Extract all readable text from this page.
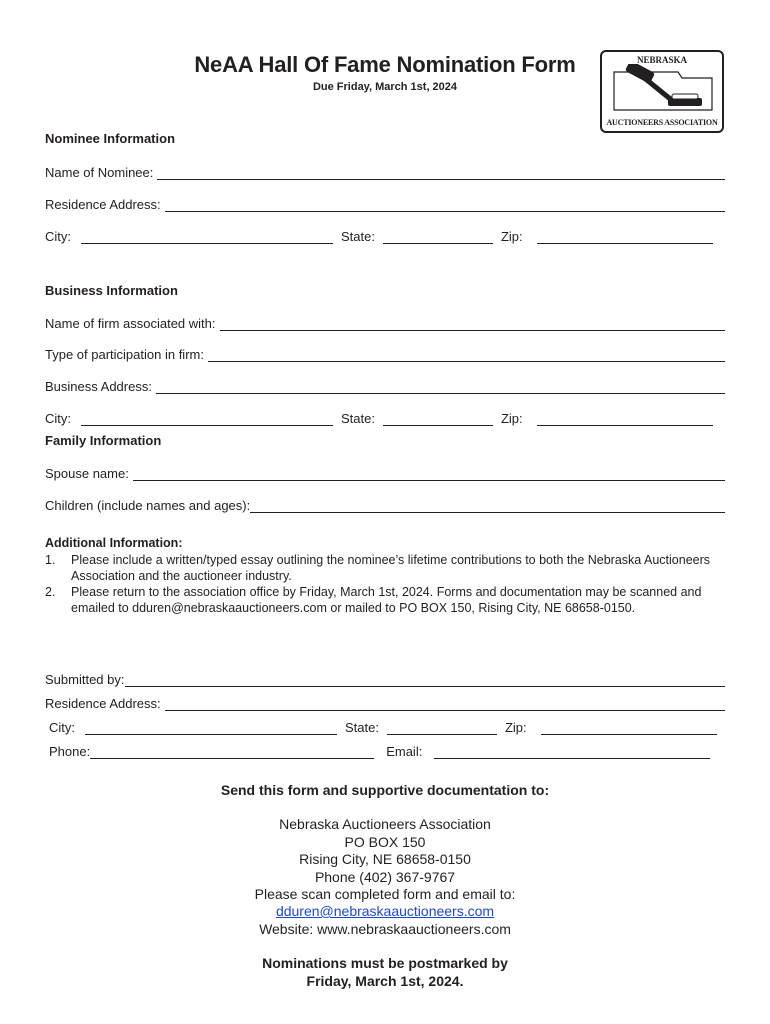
NeAA Hall Of Fame Nomination Form
Due Friday, March 1st, 2024
NEBRASKA
AUCTIONEERS ASSOCIATION
Nominee Information
Name of Nominee:
Residence Address:
City:	State:	Zip:
Business Information
Name of firm associated with:
Type of participation in firm:
Business Address:
City:	State:	Zip:
Family Information
Spouse name:
Children (include names and ages):
Additional Information:
1. Please include a written/typed essay outlining the nominee’s lifetime contributions to both the Nebraska Auctioneers Association and the auctioneer industry.
2. Please return to the association office by Friday, March 1st, 2024. Forms and documentation may be scanned and emailed to dduren@nebraskaauctioneers.com or mailed to PO BOX 150, Rising City, NE 68658-0150.
Submitted by:
Residence Address:
City:	State:	Zip:
Phone:	Email:
Send this form and supportive documentation to:
Nebraska Auctioneers Association
PO BOX 150
Rising City, NE 68658-0150
Phone (402) 367-9767
Please scan completed form and email to:
dduren@nebraskaauctioneers.com
Website: www.nebraskaauctioneers.com
Nominations must be postmarked by
Friday, March 1st, 2024.
